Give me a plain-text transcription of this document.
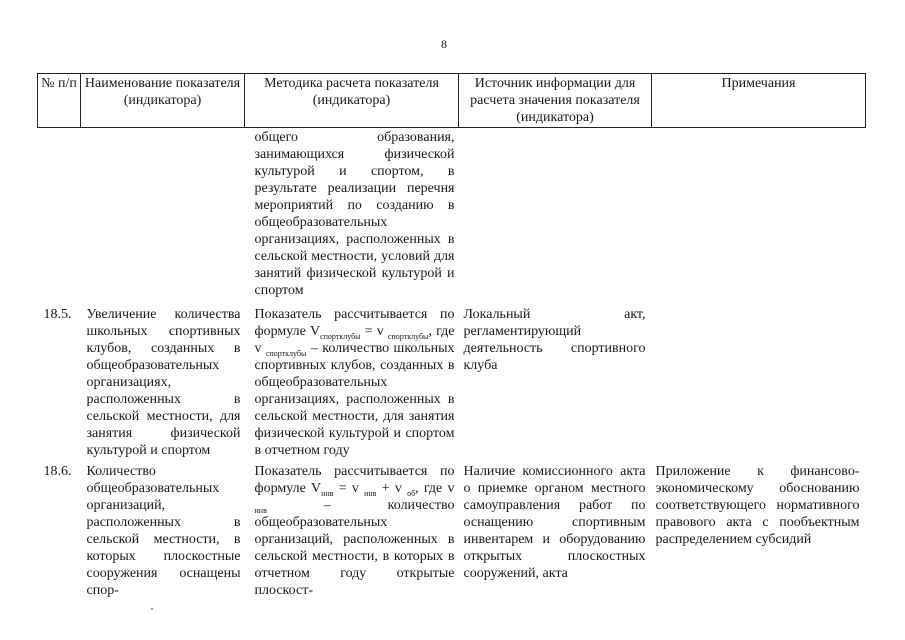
8
№ п/п	Наименование показателя (индикатора)	Методика расчета показателя (индикатора)	Источник информации для расчета значения показателя (индикатора)	Примечания
		общего образования, занимающихся физической культурой и спортом, в результате реализации перечня мероприятий по созданию в общеобразовательных организациях, расположенных в сельской местности, условий для занятий физической культурой и спортом		
18.5.	Увеличение количества школьных спортивных клубов, созданных в общеобразовательных организациях, расположенных в сельской местности, для занятия физической культурой и спортом	Показатель рассчитывается по формуле $V_{спортклубы} = v$ $_{спортклубы}$, где v $_{спортклубы}$ – количество школьных спортивных клубов, созданных в общеобразовательных организациях, расположенных в сельской местности, для занятия физической культурой и спортом в отчетном году	Локальный акт, регламентирующий деятельность спортивного клуба	
18.6.	Количество общеобразовательных организаций, расположенных в сельской местности, в которых плоскостные сооружения оснащены спор-	Показатель рассчитывается по формуле $V_{инв} = v$ $_{инв}$ + v $_{об}$, где v $_{инв}$ – количество общеобразовательных организаций, расположенных в сельской местности, в которых в отчетном году открытые плоскост-	Наличие комиссионного акта о приемке органом местного самоуправления работ по оснащению спортивным инвентарем и оборудованию открытых плоскостных сооружений, акта	Приложение к финансово-экономическому обоснованию соответствующего нормативного правового акта с пообъектным распределением субсидий
